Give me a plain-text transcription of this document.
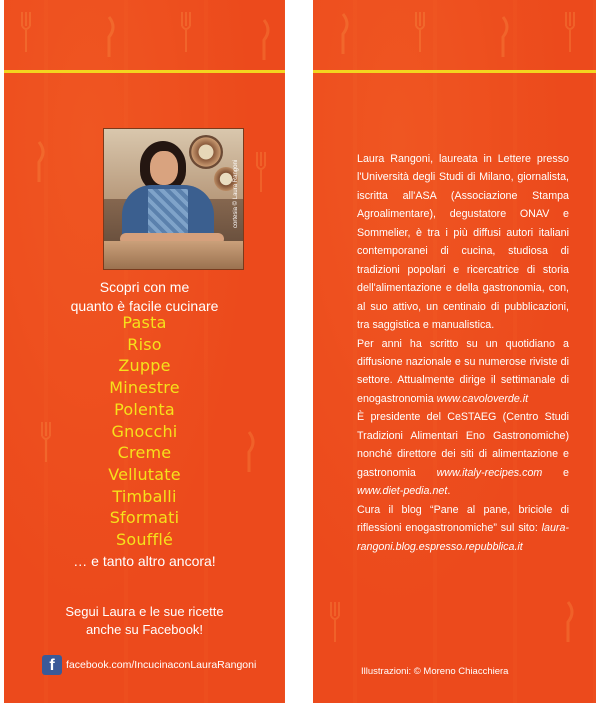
Scopri con me
quanto è facile cucinare
Pasta
Riso
Zuppe
Minestre
Polenta
Gnocchi
Creme
Vellutate
Timballi
Sformati
Soufflé
… e tanto altro ancora!
Segui Laura e le sue ricette
anche su Facebook!
f	facebook.com/IncucinaconLauraRangoni

Laura Rangoni, laureata in Lettere presso l'Università degli Studi di Milano, giornalista, iscritta all'ASA (Associazione Stampa Agroalimentare), degustatore ONAV e Sommelier, è tra i più diffusi autori italiani contemporanei di cucina, studiosa di tradizioni popolari e ricercatrice di storia dell'alimentazione e della gastronomia, con, al suo attivo, un centinaio di pubblicazioni, tra saggistica e manualistica.

Per anni ha scritto su un quotidiano a diffusione nazionale e su numerose riviste di settore. Attualmente dirige il settimanale di enogastronomia www.cavoloverde.it

È presidente del CeSTAEG (Centro Studi Tradizioni Alimentari Eno Gastronomiche) nonché direttore dei siti di alimentazione e gastronomia www.italy-recipes.com e www.diet-pedia.net.

Cura il blog “Pane al pane, briciole di riflessioni enogastronomiche” sul sito: laura-rangoni.blog.espresso.repubblica.it

Illustrazioni: © Moreno Chiacchiera
